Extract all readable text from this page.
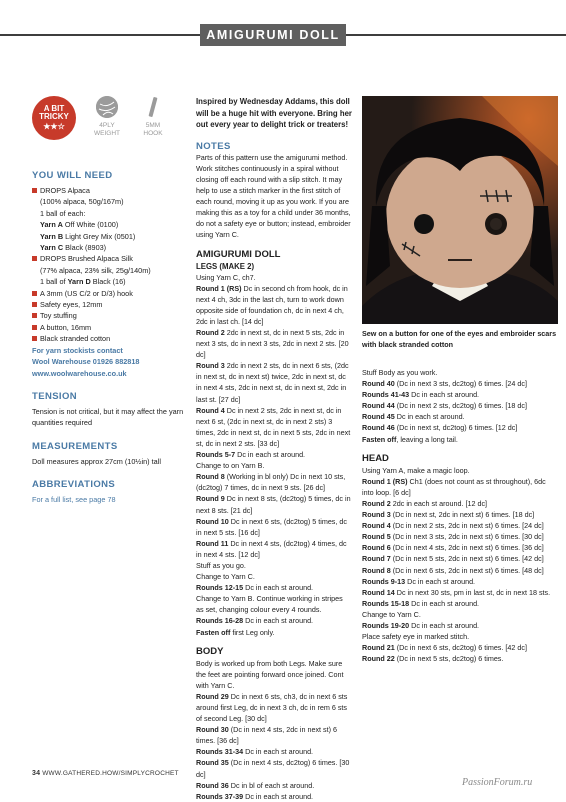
AMIGURUMI DOLL
A BIT
TRICKY
★★☆	4PLY
WEIGHT
5MM
HOOK
YOU WILL NEED
DROPS Alpaca
(100% alpaca, 50g/167m)
1 ball of each:
Yarn A Off White (0100)
Yarn B Light Grey Mix (0501)
Yarn C Black (8903)
DROPS Brushed Alpaca Silk
(77% alpaca, 23% silk, 25g/140m)
1 ball of Yarn D Black (16)
A 3mm (US C/2 or D/3) hook
Safety eyes, 12mm
Toy stuffing
A button, 16mm
Black stranded cotton
For yarn stockists contact
Wool Warehouse 01926 882818
www.woolwarehouse.co.uk
TENSION
Tension is not critical, but it may affect the yarn quantities required
MEASUREMENTS
Doll measures approx 27cm (10½in) tall
ABBREVIATIONS
For a full list, see page 78
Inspired by Wednesday Addams, this doll will be a huge hit with everyone. Bring her out every year to delight trick or treaters!
NOTES
Parts of this pattern use the amigurumi method. Work stitches continuously in a spiral without closing off each round with a slip stitch. It may help to use a stitch marker in the first stitch of each round, moving it up as you work. If you are making this as a toy for a child under 36 months, do not a safety eye or button; instead, embroider using Yarn C.
AMIGURUMI DOLL
LEGS (MAKE 2)
Using Yarn C, ch7.
Round 1 (RS) Dc in second ch from hook, dc in next 4 ch, 3dc in the last ch, turn to work down opposite side of foundation ch, dc in next 4 ch, 2dc in last ch. [14 dc]
Round 2 2dc in next st, dc in next 5 sts, 2dc in next 3 sts, dc in next 3 sts, 2dc in next 2 sts. [20 dc]
Round 3 2dc in next 2 sts, dc in next 6 sts, (2dc in next st, dc in next st) twice, 2dc in next st, dc in next 4 sts, 2dc in next st, dc in next st, 2dc in last st. [27 dc]
Round 4 Dc in next 2 sts, 2dc in next st, dc in next 6 st, (2dc in next st, dc in next 2 sts) 3 times, 2dc in next st, dc in next 5 sts, 2dc in next st, dc in next 2 sts. [33 dc]
Rounds 5-7 Dc in each st around.
Change to on Yarn B.
Round 8 (Working in bl only) Dc in next 10 sts, (dc2tog) 7 times, dc in next 9 sts. [26 dc]
Round 9 Dc in next 8 sts, (dc2tog) 5 times, dc in next 8 sts. [21 dc]
Round 10 Dc in next 6 sts, (dc2tog) 5 times, dc in next 5 sts. [16 dc]
Round 11 Dc in next 4 sts, (dc2tog) 4 times, dc in next 4 sts. [12 dc]
Stuff as you go.
Change to Yarn C.
Rounds 12-15 Dc in each st around.
Change to Yarn B. Continue working in stripes as set, changing colour every 4 rounds.
Rounds 16-28 Dc in each st around.
Fasten off first Leg only.
BODY
Body is worked up from both Legs. Make sure the feet are pointing forward once joined. Cont with Yarn C.
Round 29 Dc in next 6 sts, ch3, dc in next 6 sts around first Leg, dc in next 3 ch, dc in rem 6 sts of second Leg. [30 dc]
Round 30 (Dc in next 4 sts, 2dc in next st) 6 times. [36 dc]
Rounds 31-34 Dc in each st around.
Round 35 (Dc in next 4 sts, dc2tog) 6 times. [30 dc]
Round 36 Dc in bl of each st around.
Rounds 37-39 Dc in each st around.
Sew on a button for one of the eyes and embroider scars with black stranded cotton
Stuff Body as you work.
Round 40 (Dc in next 3 sts, dc2tog) 6 times. [24 dc]
Rounds 41-43 Dc in each st around.
Round 44 (Dc in next 2 sts, dc2tog) 6 times. [18 dc]
Round 45 Dc in each st around.
Round 46 (Dc in next st, dc2tog) 6 times. [12 dc]
Fasten off, leaving a long tail.
HEAD
Using Yarn A, make a magic loop.
Round 1 (RS) Ch1 (does not count as st throughout), 6dc into loop. [6 dc]
Round 2 2dc in each st around. [12 dc]
Round 3 (Dc in next st, 2dc in next st) 6 times. [18 dc]
Round 4 (Dc in next 2 sts, 2dc in next st) 6 times. [24 dc]
Round 5 (Dc in next 3 sts, 2dc in next st) 6 times. [30 dc]
Round 6 (Dc in next 4 sts, 2dc in next st) 6 times. [36 dc]
Round 7 (Dc in next 5 sts, 2dc in next st) 6 times. [42 dc]
Round 8 (Dc in next 6 sts, 2dc in next st) 6 times. [48 dc]
Rounds 9-13 Dc in each st around.
Round 14 Dc in next 30 sts, pm in last st, dc in next 18 sts.
Rounds 15-18 Dc in each st around.
Change to Yarn C.
Rounds 19-20 Dc in each st around.
Place safety eye in marked stitch.
Round 21 (Dc in next 6 sts, dc2tog) 6 times. [42 dc]
Round 22 (Dc in next 5 sts, dc2tog) 6 times.
34 WWW.GATHERED.HOW/SIMPLYCROCHET
PassionForum.ru
